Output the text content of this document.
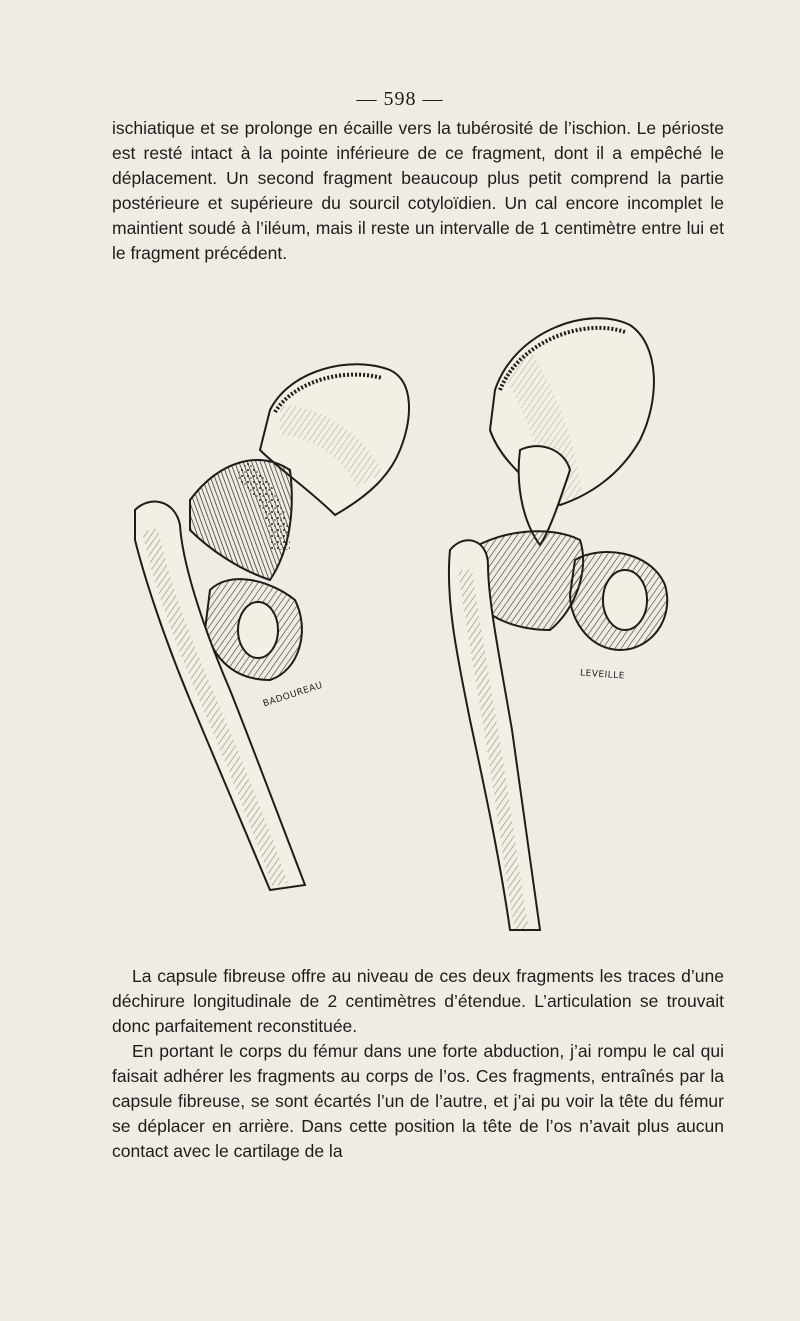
— 598 —

ischiatique et se prolonge en écaille vers la tubérosité de l’ischion. Le périoste est resté intact à la pointe inférieure de ce fragment, dont il a empêché le déplacement. Un second fragment beaucoup plus petit comprend la partie postérieure et supérieure du sourcil cotyloïdien. Un cal encore incomplet le maintient soudé à l’iléum, mais il reste un intervalle de 1 centimètre entre lui et le fragment précédent.

BADOUREAU
LEVEILLE

La capsule fibreuse offre au niveau de ces deux fragments les traces d’une déchirure longitudinale de 2 centimètres d’étendue. L’articulation se trouvait donc parfaitement reconstituée.

En portant le corps du fémur dans une forte abduction, j’ai rompu le cal qui faisait adhérer les fragments au corps de l’os. Ces fragments, entraînés par la capsule fibreuse, se sont écartés l’un de l’autre, et j’ai pu voir la tête du fémur se déplacer en arrière. Dans cette position la tête de l’os n’avait plus aucun contact avec le cartilage de la
